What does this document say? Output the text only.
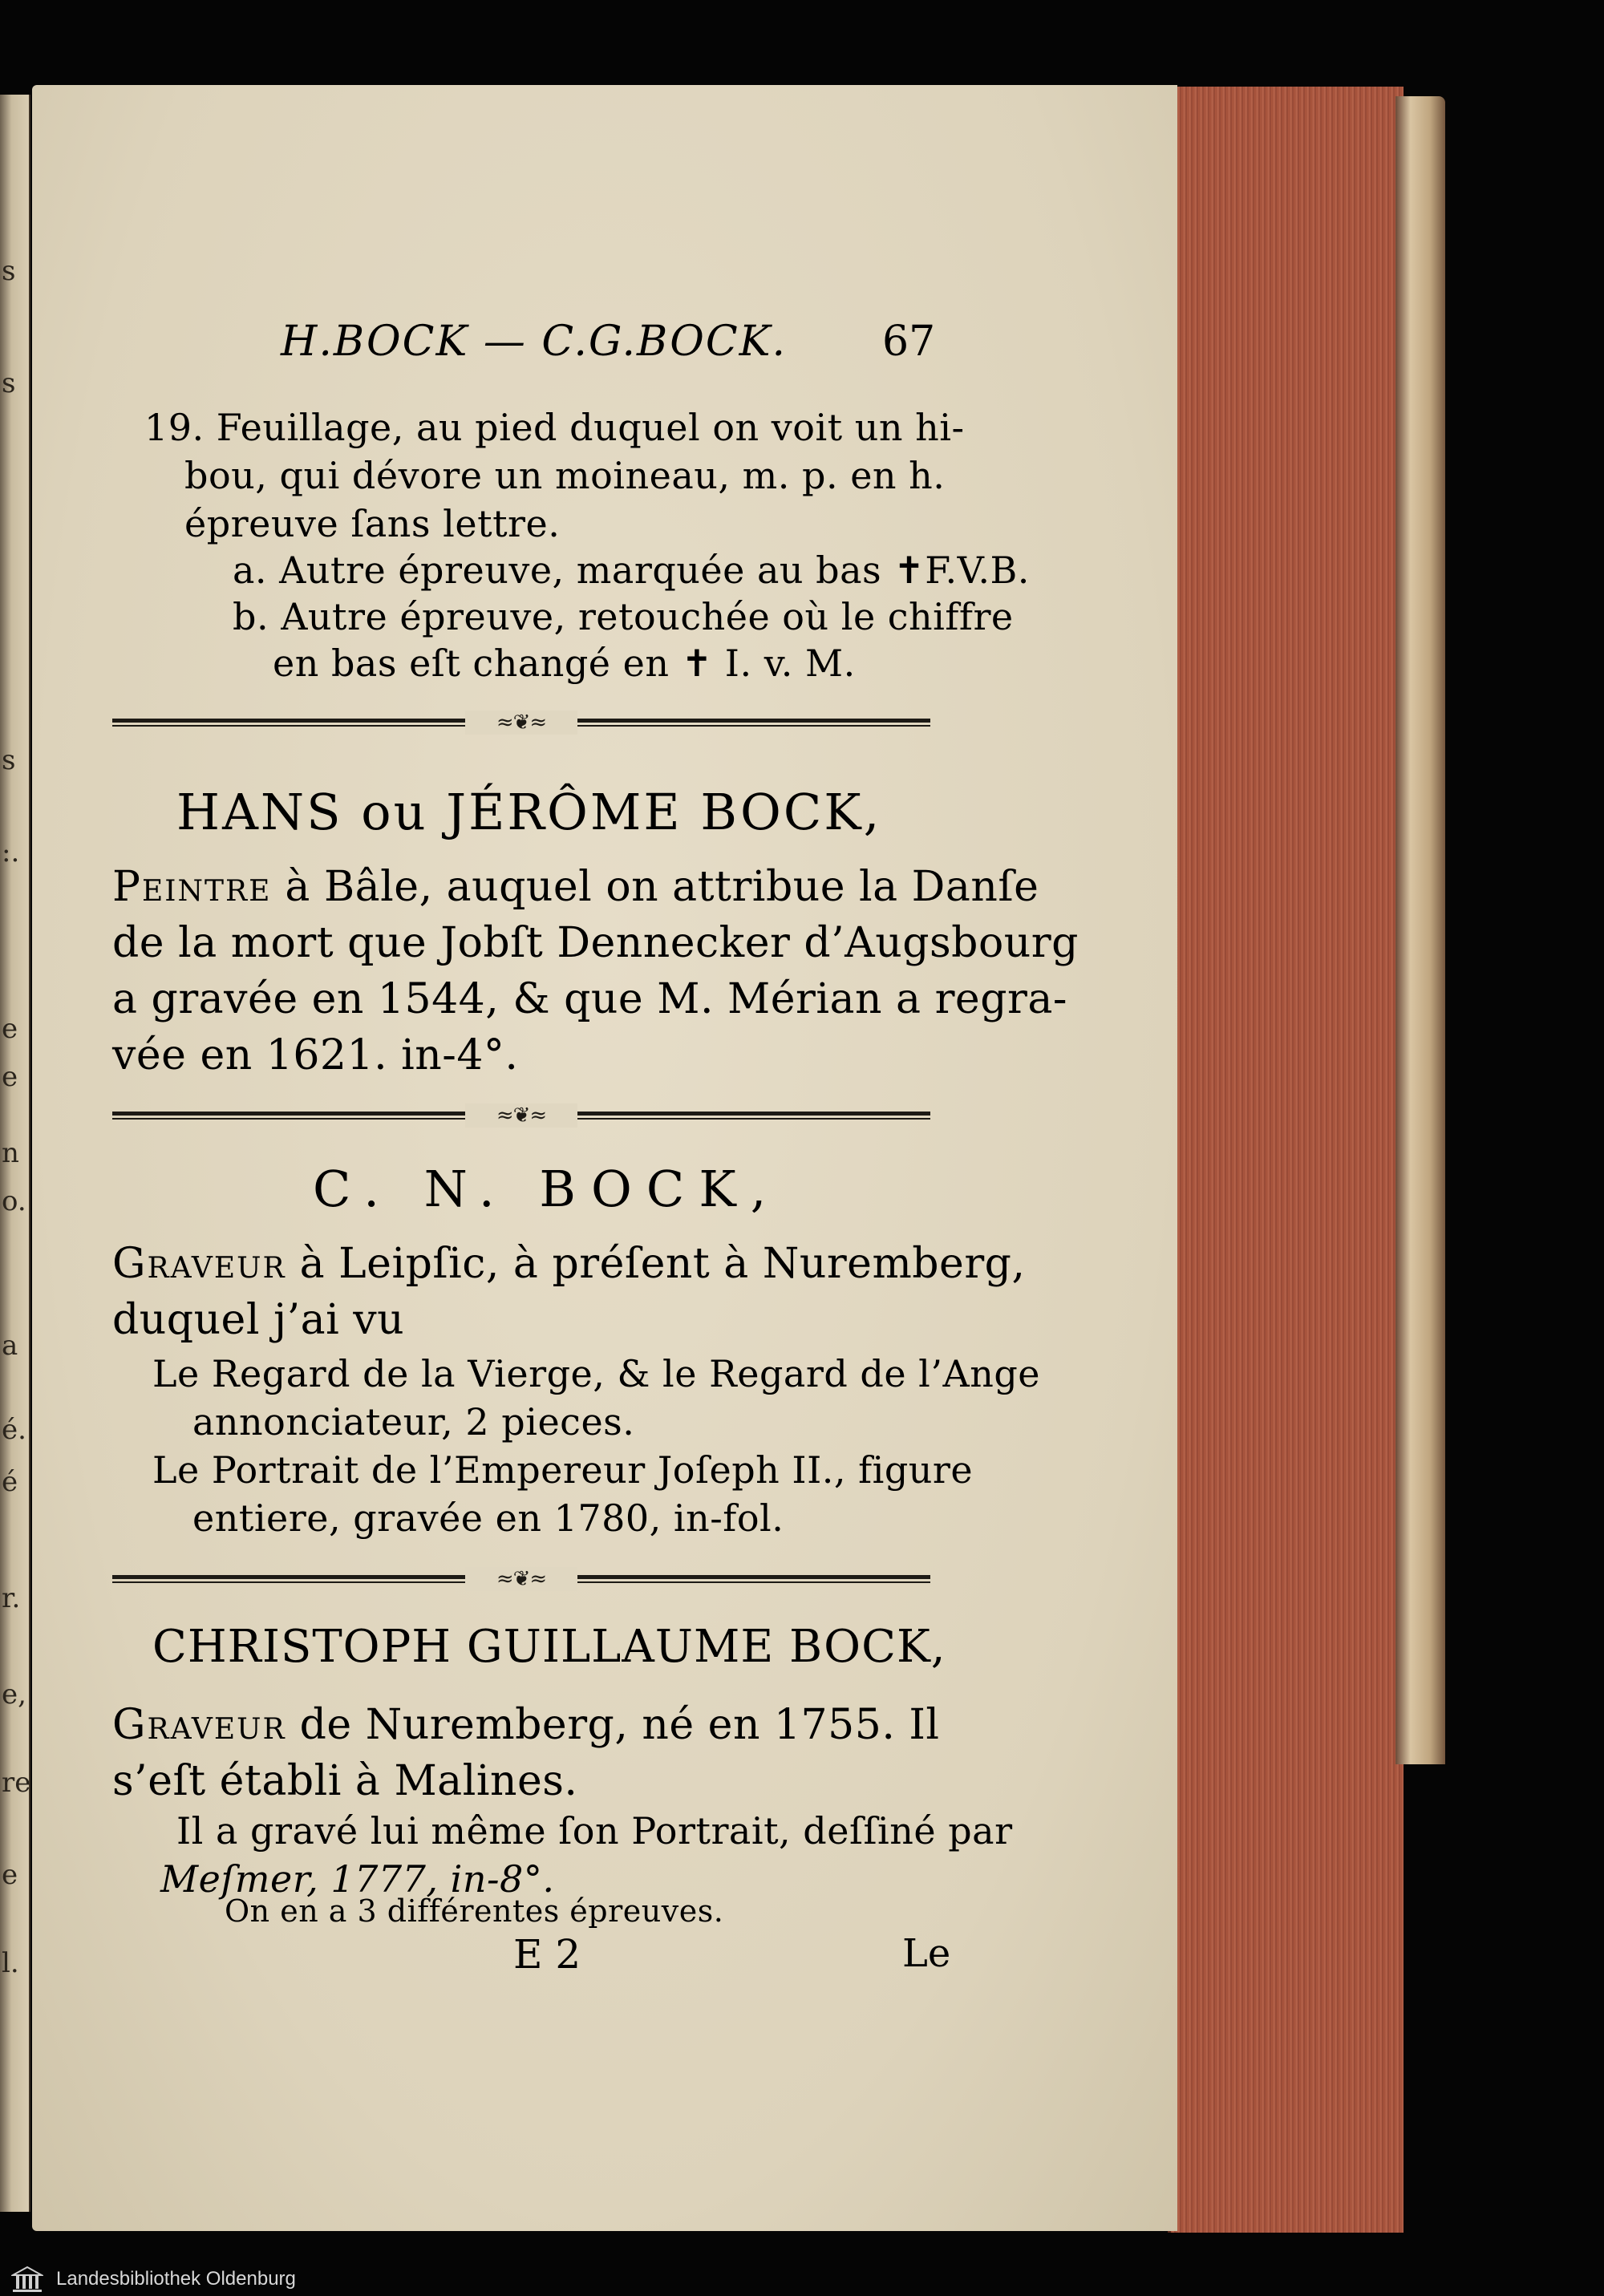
s
s
s
:.
e
e
n
o.
a
é.
é
r.
e,
re
e
l.
H.BOCK — C.G.BOCK. 67
19. Feuillage, au pied duquel on voit un hi-
bou, qui dévore un moineau, m. p. en h.
épreuve ſans lettre.
a. Autre épreuve, marquée au bas ✝F.V.B.
b. Autre épreuve, retouchée où le chiffre
en bas eſt changé en ✝ I. v. M.
≈❦≈
HANS ou JÉRÔME BOCK,
Peintre à Bâle, auquel on attribue la Danſe
de la mort que Jobſt Dennecker d’Augsbourg
a gravée en 1544, & que M. Mérian a regra-
vée en 1621. in-4°.
≈❦≈
C. N. BOCK,
Graveur à Leipſic, à préſent à Nuremberg,
duquel j’ai vu
Le Regard de la Vierge, & le Regard de l’Ange
annonciateur, 2 pieces.
Le Portrait de l’Empereur Joſeph II., figure
entiere, gravée en 1780, in-fol.
≈❦≈
CHRISTOPH GUILLAUME BOCK,
Graveur de Nuremberg, né en 1755. Il
s’eſt établi à Malines.
Il a gravé lui même ſon Portrait, deſſiné par
Meſmer, 1777, in-8°.
On en a 3 différentes épreuves.
E 2	Le
Landesbibliothek Oldenburg
